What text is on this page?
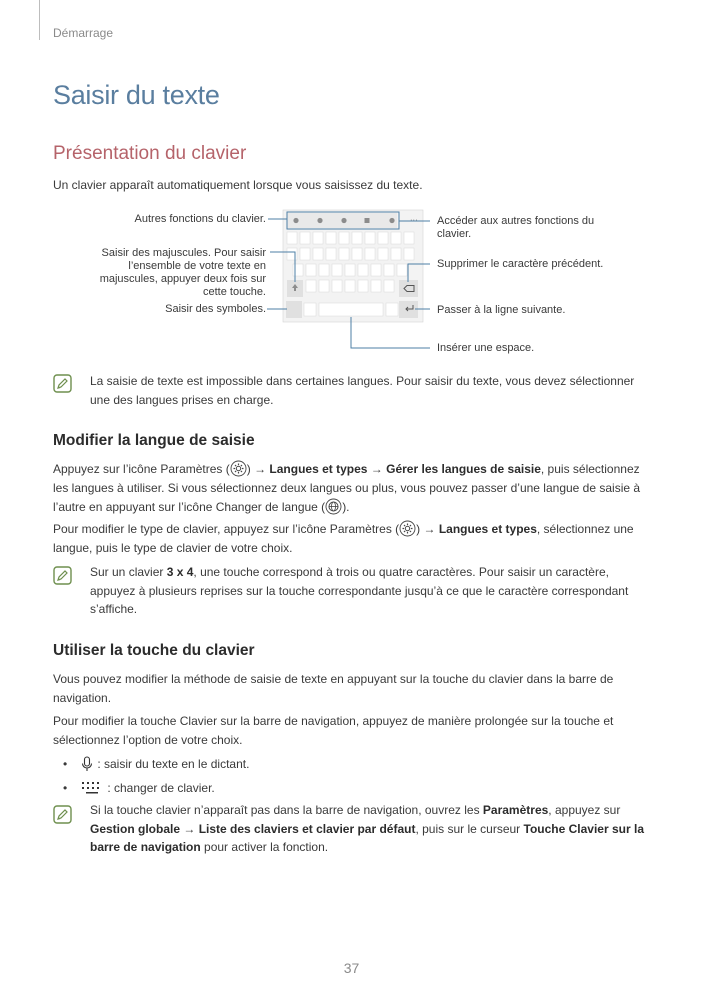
Démarrage
Saisir du texte
Présentation du clavier
Un clavier apparaît automatiquement lorsque vous saisissez du texte.
···
Autres fonctions du clavier.
Saisir des majuscules. Pour saisir
l’ensemble de votre texte en
majuscules, appuyer deux fois sur
cette touche.
Saisir des symboles.
Accéder aux autres fonctions du
clavier.
Supprimer le caractère précédent.
Passer à la ligne suivante.
Insérer une espace.
La saisie de texte est impossible dans certaines langues. Pour saisir du texte, vous devez sélectionner
une des langues prises en charge.
Modifier la langue de saisie
Appuyez sur l’icône Paramètres ( ) → Langues et types → Gérer les langues de saisie, puis sélectionnez
les langues à utiliser. Si vous sélectionnez deux langues ou plus, vous pouvez passer d’une langue de saisie à
l’autre en appuyant sur l’icône Changer de langue ( ).
Pour modifier le type de clavier, appuyez sur l’icône Paramètres ( ) → Langues et types, sélectionnez une
langue, puis le type de clavier de votre choix.
Sur un clavier 3 x 4, une touche correspond à trois ou quatre caractères. Pour saisir un caractère,
appuyez à plusieurs reprises sur la touche correspondante jusqu’à ce que le caractère correspondant
s’affiche.
Utiliser la touche du clavier
Vous pouvez modifier la méthode de saisie de texte en appuyant sur la touche du clavier dans la barre de
navigation.
Pour modifier la touche Clavier sur la barre de navigation, appuyez de manière prolongée sur la touche et
sélectionnez l’option de votre choix.
•	: saisir du texte en le dictant.
•	: changer de clavier.
Si la touche clavier n’apparaît pas dans la barre de navigation, ouvrez les Paramètres, appuyez sur
Gestion globale → Liste des claviers et clavier par défaut, puis sur le curseur Touche Clavier sur la
barre de navigation pour activer la fonction.
37
